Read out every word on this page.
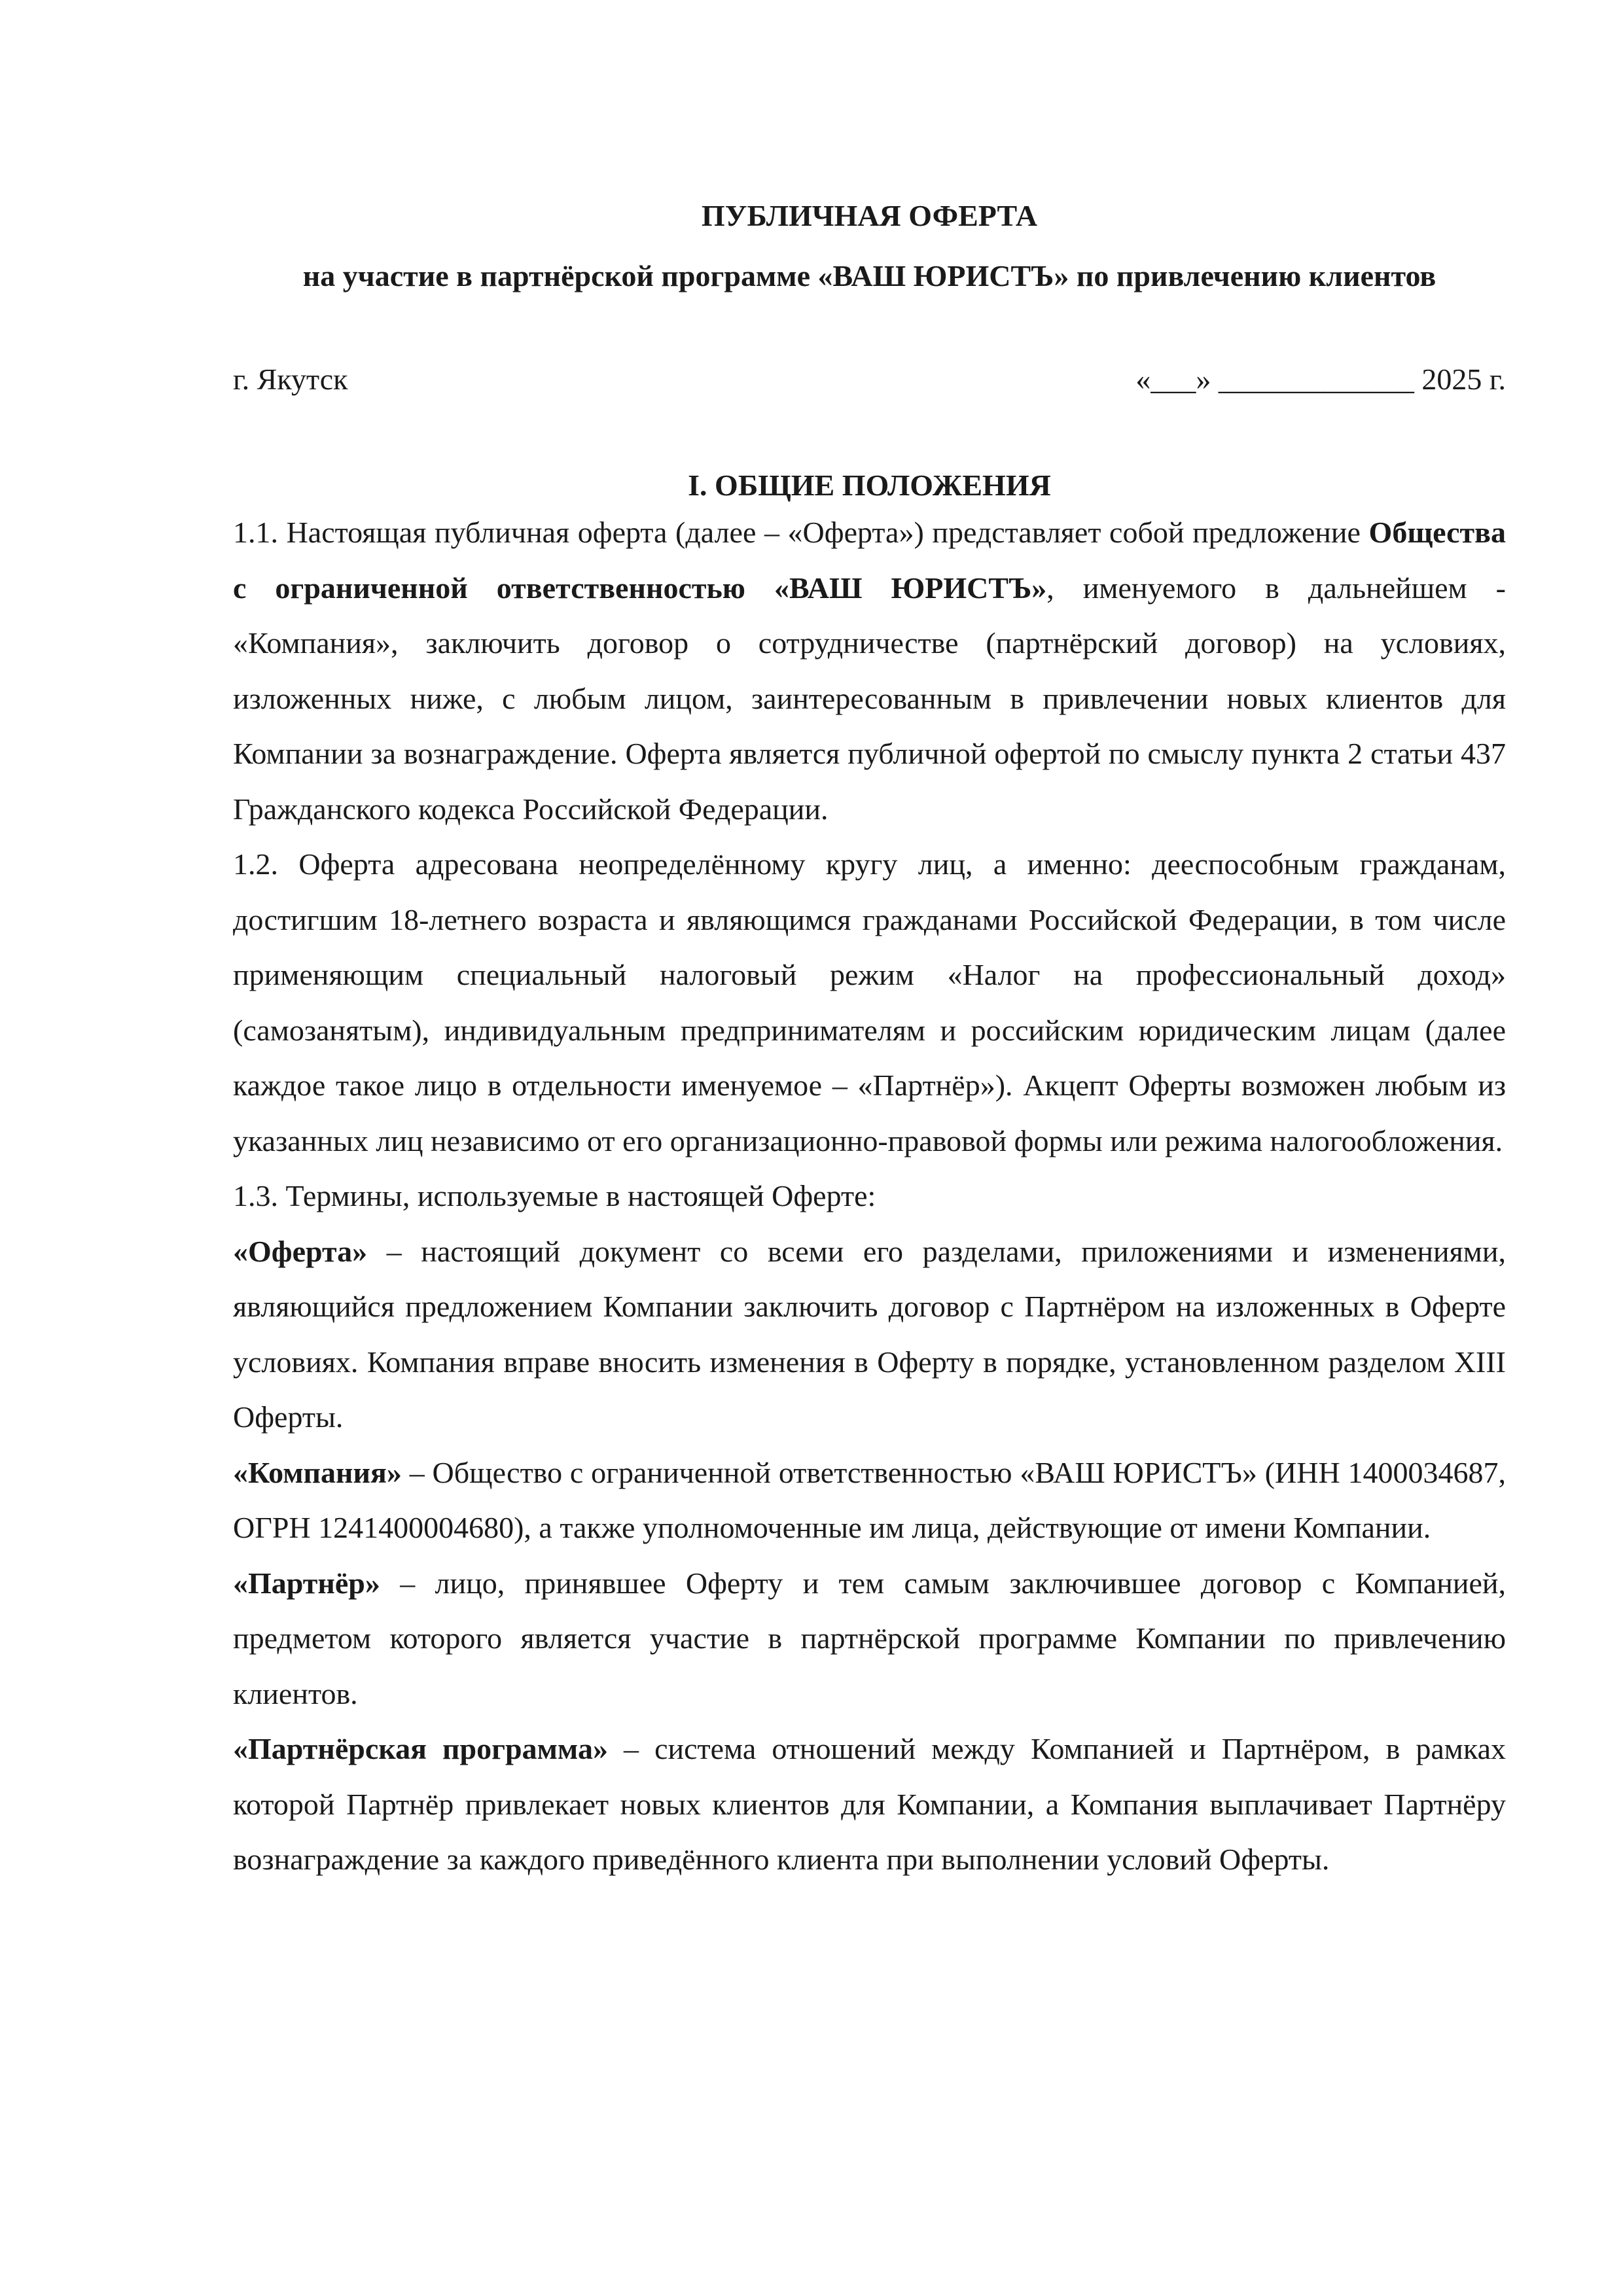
ПУБЛИЧНАЯ ОФЕРТА

на участие в партнёрской программе «ВАШ ЮРИСТЪ» по привлечению клиентов

г. Якутск	«___» _____________ 2025 г.
I. ОБЩИЕ ПОЛОЖЕНИЯ

1.1. Настоящая публичная оферта (далее – «Оферта») представляет собой предложение Общества с ограниченной ответственностью «ВАШ ЮРИСТЪ», именуемого в дальнейшем - «Компания», заключить договор о сотрудничестве (партнёрский договор) на условиях, изложенных ниже, с любым лицом, заинтересованным в привлечении новых клиентов для Компании за вознаграждение. Оферта является публичной офертой по смыслу пункта 2 статьи 437 Гражданского кодекса Российской Федерации.

1.2. Оферта адресована неопределённому кругу лиц, а именно: дееспособным гражданам, достигшим 18-летнего возраста и являющимся гражданами Российской Федерации, в том числе применяющим специальный налоговый режим «Налог на профессиональный доход» (самозанятым), индивидуальным предпринимателям и российским юридическим лицам (далее каждое такое лицо в отдельности именуемое – «Партнёр»). Акцепт Оферты возможен любым из указанных лиц независимо от его организационно-правовой формы или режима налогообложения.

1.3. Термины, используемые в настоящей Оферте:

«Оферта» – настоящий документ со всеми его разделами, приложениями и изменениями, являющийся предложением Компании заключить договор с Партнёром на изложенных в Оферте условиях. Компания вправе вносить изменения в Оферту в порядке, установленном разделом XIII Оферты.

«Компания» – Общество с ограниченной ответственностью «ВАШ ЮРИСТЪ» (ИНН 1400034687, ОГРН 1241400004680), а также уполномоченные им лица, действующие от имени Компании.

«Партнёр» – лицо, принявшее Оферту и тем самым заключившее договор с Компанией, предметом которого является участие в партнёрской программе Компании по привлечению клиентов.

«Партнёрская программа» – система отношений между Компанией и Партнёром, в рамках которой Партнёр привлекает новых клиентов для Компании, а Компания выплачивает Партнёру вознаграждение за каждого приведённого клиента при выполнении условий Оферты.
